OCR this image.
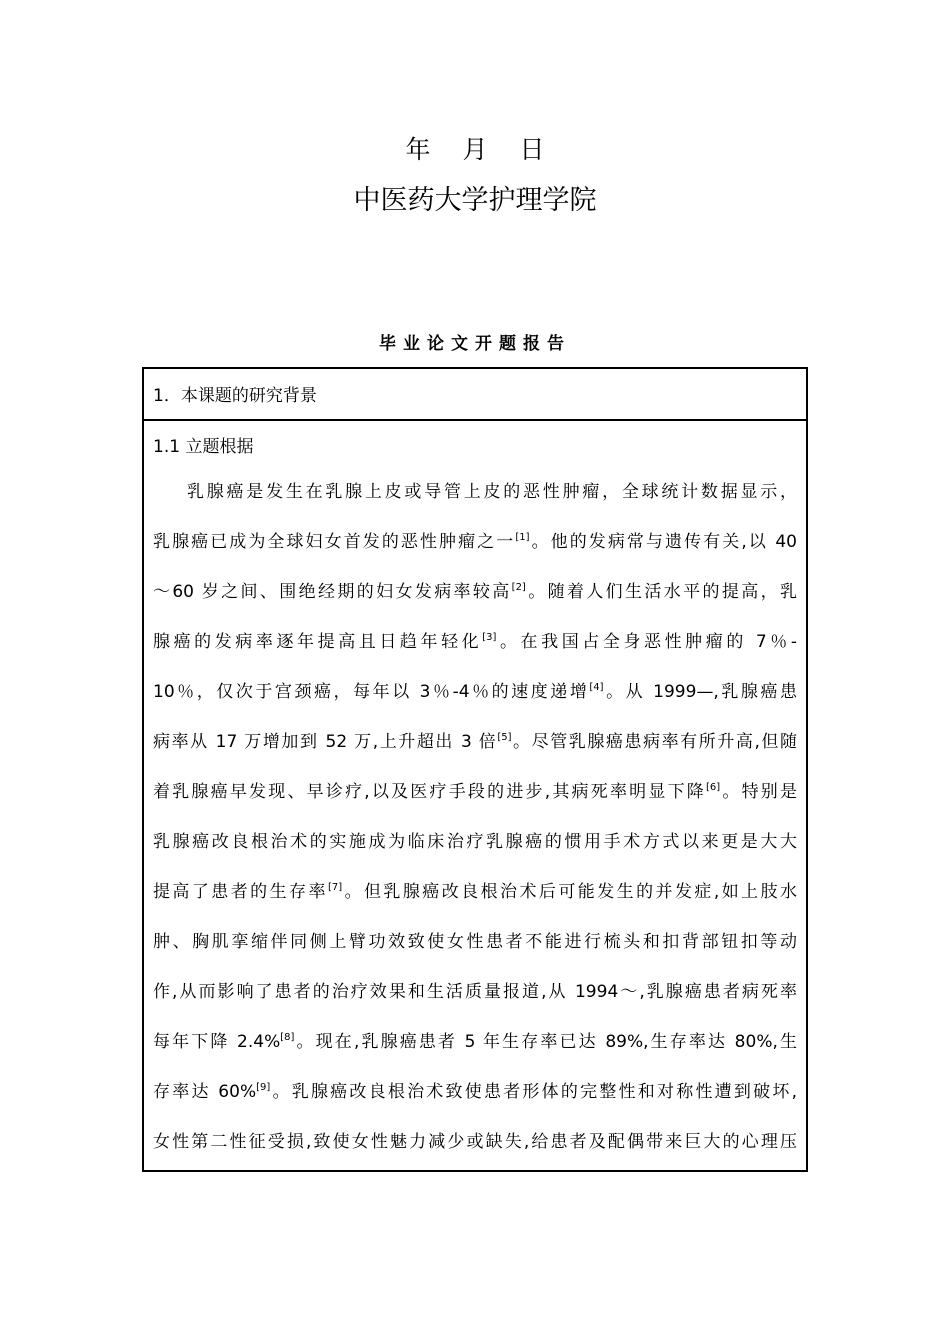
年 月 日
中医药大学护理学院
毕业论文开题报告
1．本课题的研究背景
1.1 立题根据
乳腺癌是发生在乳腺上皮或导管上皮的恶性肿瘤，全球统计数据显示，
乳腺癌已成为全球妇女首发的恶性肿瘤之一[1]。他的发病常与遗传有关,以 40
～60 岁之间、围绝经期的妇女发病率较高[2]。随着人们生活水平的提高，乳
腺癌的发病率逐年提高且日趋年轻化[3]。在我国占全身恶性肿瘤的 7％-
10％，仅次于宫颈癌，每年以 3％-4％的速度递增[4]。从 1999—,乳腺癌患
病率从 17 万增加到 52 万,上升超出 3 倍[5]。尽管乳腺癌患病率有所升高,但随
着乳腺癌早发现、早诊疗,以及医疗手段的进步,其病死率明显下降[6]。特别是
乳腺癌改良根治术的实施成为临床治疗乳腺癌的惯用手术方式以来更是大大
提高了患者的生存率[7]。但乳腺癌改良根治术后可能发生的并发症,如上肢水
肿、胸肌挛缩伴同侧上臂功效致使女性患者不能进行梳头和扣背部钮扣等动
作,从而影响了患者的治疗效果和生活质量报道,从 1994～,乳腺癌患者病死率
每年下降 2.4%[8]。现在,乳腺癌患者 5 年生存率已达 89%,生存率达 80%,生
存率达 60%[9]。乳腺癌改良根治术致使患者形体的完整性和对称性遭到破坏,
女性第二性征受损,致使女性魅力减少或缺失,给患者及配偶带来巨大的心理压
